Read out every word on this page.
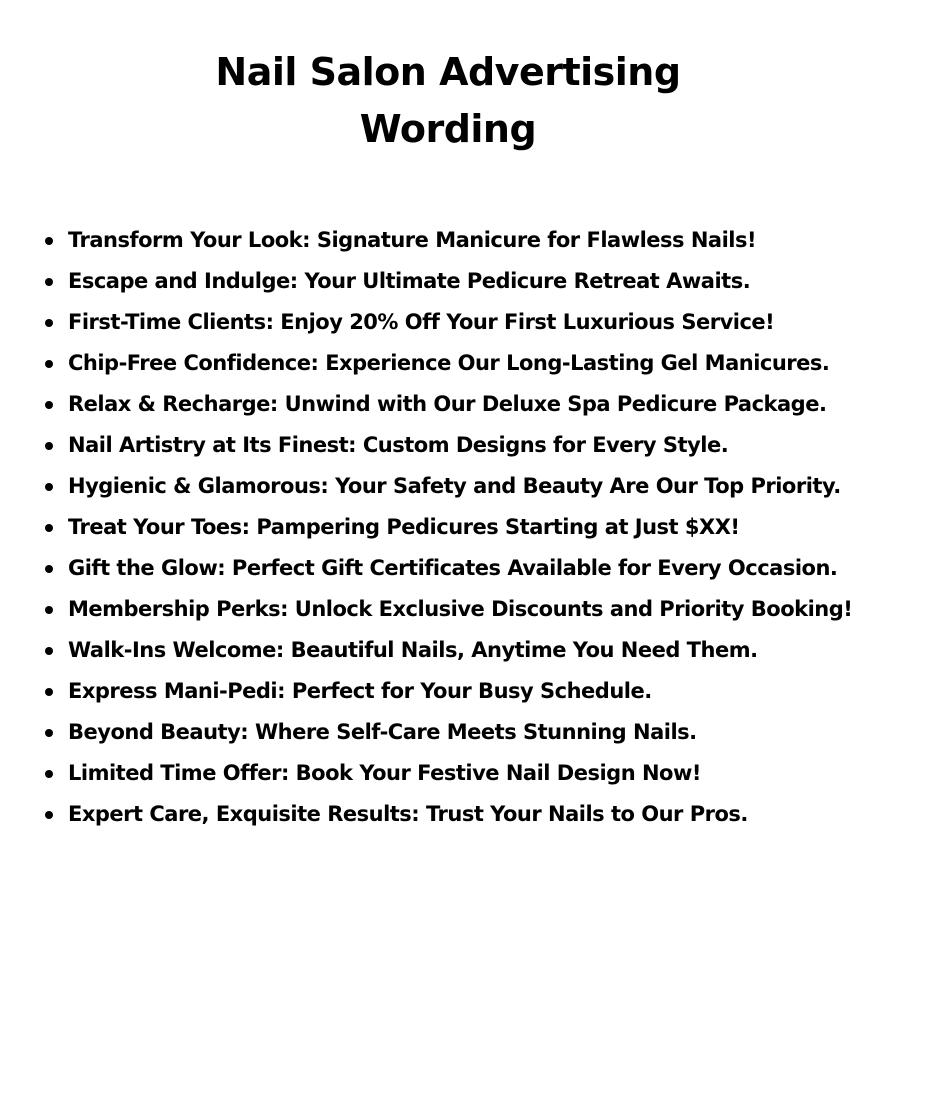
Nail Salon Advertising
Wording
Transform Your Look: Signature Manicure for Flawless Nails!
Escape and Indulge: Your Ultimate Pedicure Retreat Awaits.
First-Time Clients: Enjoy 20% Off Your First Luxurious Service!
Chip-Free Confidence: Experience Our Long-Lasting Gel Manicures.
Relax & Recharge: Unwind with Our Deluxe Spa Pedicure Package.
Nail Artistry at Its Finest: Custom Designs for Every Style.
Hygienic & Glamorous: Your Safety and Beauty Are Our Top Priority.
Treat Your Toes: Pampering Pedicures Starting at Just $XX!
Gift the Glow: Perfect Gift Certificates Available for Every Occasion.
Membership Perks: Unlock Exclusive Discounts and Priority Booking!
Walk-Ins Welcome: Beautiful Nails, Anytime You Need Them.
Express Mani-Pedi: Perfect for Your Busy Schedule.
Beyond Beauty: Where Self-Care Meets Stunning Nails.
Limited Time Offer: Book Your Festive Nail Design Now!
Expert Care, Exquisite Results: Trust Your Nails to Our Pros.
